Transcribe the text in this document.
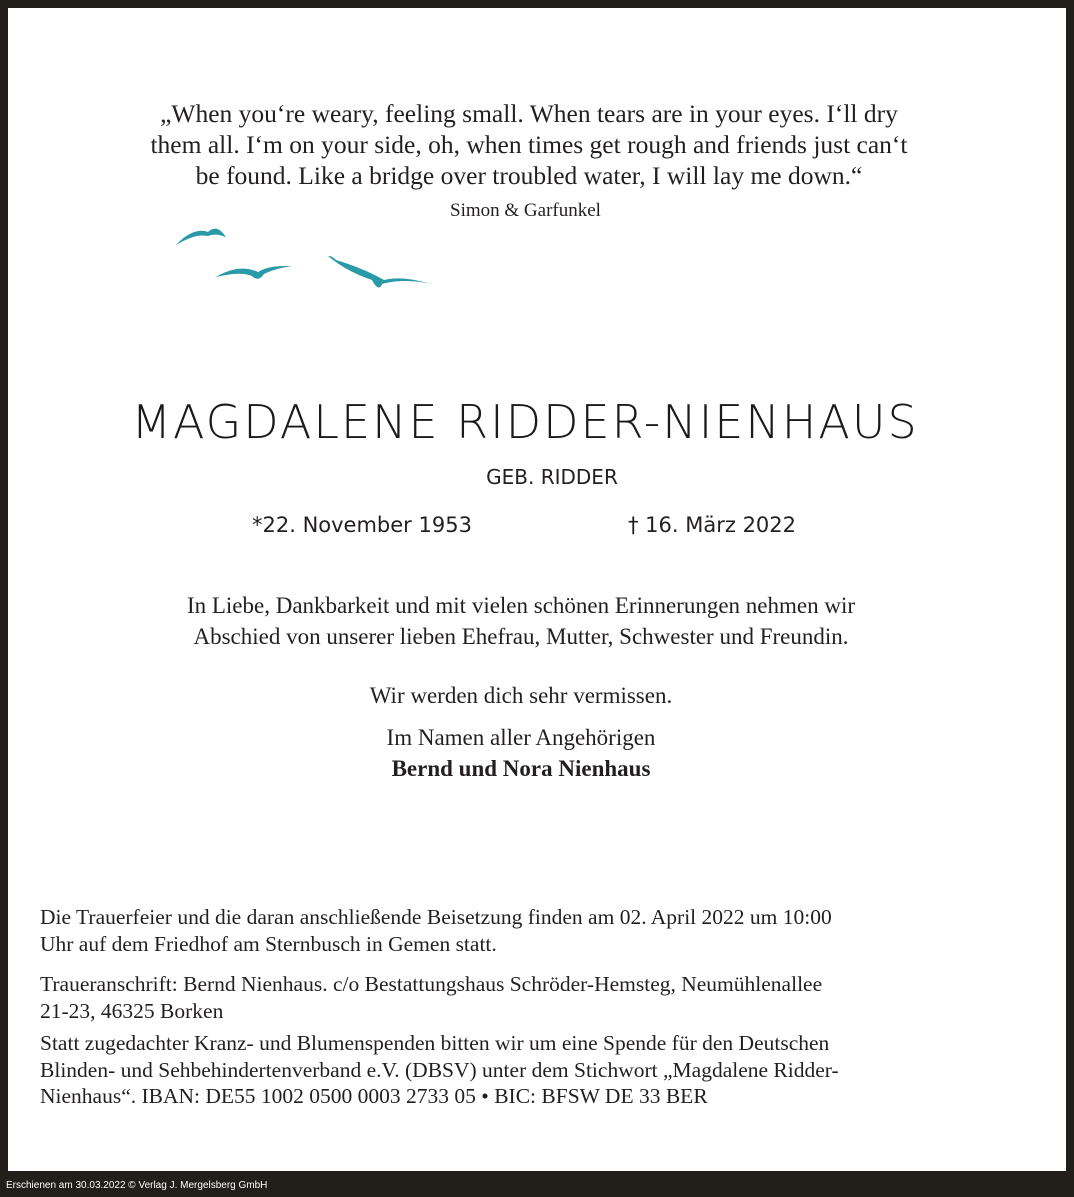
„When you‘re weary, feeling small. When tears are in your eyes. I‘ll dry
them all. I‘m on your side, oh, when times get rough and friends just can‘t
be found. Like a bridge over troubled water, I will lay me down.“
Simon & Garfunkel
MAGDALENE RIDDER-NIENHAUS
GEB. RIDDER
*22. November 1953	† 16. März 2022
In Liebe, Dankbarkeit und mit vielen schönen Erinnerungen nehmen wir
Abschied von unserer lieben Ehefrau, Mutter, Schwester und Freundin.
Wir werden dich sehr vermissen.
Im Namen aller Angehörigen
Bernd und Nora Nienhaus
Die Trauerfeier und die daran anschließende Beisetzung finden am 02. April 2022 um 10:00
Uhr auf dem Friedhof am Sternbusch in Gemen statt.
Traueranschrift: Bernd Nienhaus. c/o Bestattungshaus Schröder-Hemsteg, Neumühlenallee
21-23, 46325 Borken
Statt zugedachter Kranz- und Blumenspenden bitten wir um eine Spende für den Deutschen
Blinden- und Sehbehindertenverband e.V. (DBSV) unter dem Stichwort „Magdalene Ridder-
Nienhaus“. IBAN: DE55 1002 0500 0003 2733 05 • BIC: BFSW DE 33 BER
Erschienen am 30.03.2022 © Verlag J. Mergelsberg GmbH
